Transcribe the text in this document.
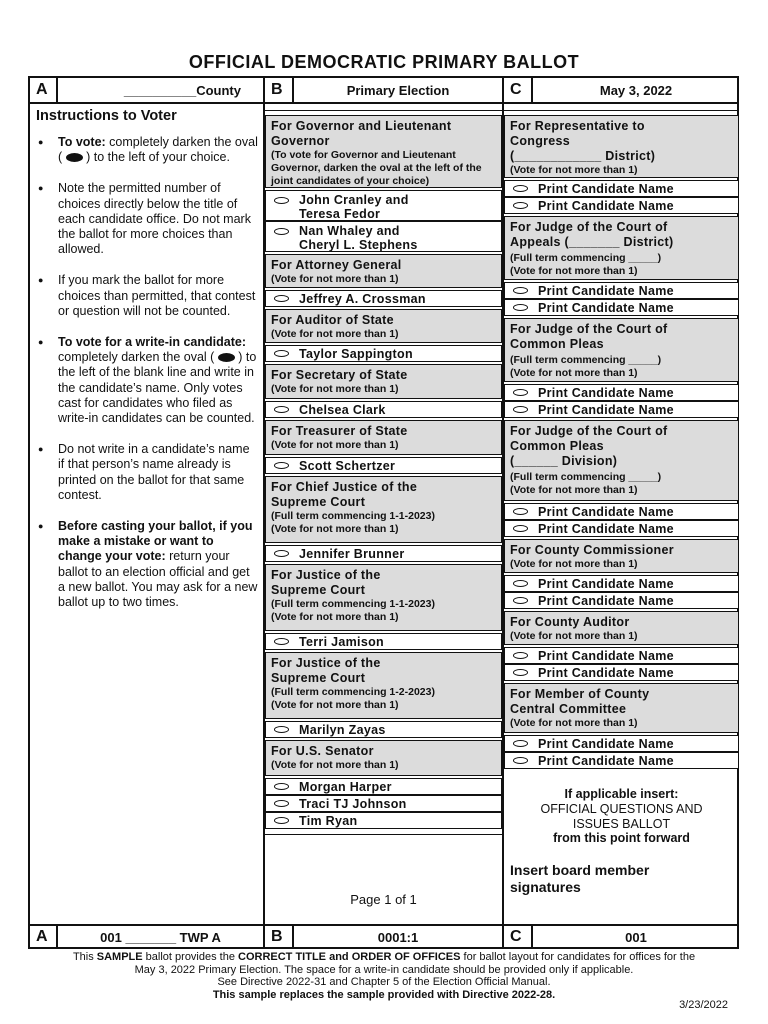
OFFICIAL DEMOCRATIC PRIMARY BALLOT
A	__________County	B	Primary Election	C	May 3, 2022
A	001 _______ TWP A	B	0001:1	C	001
Instructions to Voter
● To vote: completely darken the oval (  ) to the left of your choice.
● Note the permitted number of choices directly below the title of each candidate office. Do not mark the ballot for more choices than allowed.
● If you mark the ballot for more choices than permitted, that contest or question will not be counted.
● To vote for a write-in candidate: completely darken the oval (  ) to the left of the blank line and write in the candidate’s name. Only votes cast for candidates who filed as write-in candidates can be counted.
● Do not write in a candidate’s name if that person’s name already is printed on the ballot for that same contest.
● Before casting your ballot, if you make a mistake or want to change your vote: return your ballot to an election official and get a new ballot. You may ask for a new ballot up to two times.
For Governor and Lieutenant Governor
(To vote for Governor and Lieutenant Governor, darken the oval at the left of the joint candidates of your choice)
John Cranley and
Teresa Fedor
Nan Whaley and
Cheryl L. Stephens
For Attorney General
(Vote for not more than 1)
Jeffrey A. Crossman
For Auditor of State
(Vote for not more than 1)
Taylor Sappington
For Secretary of State
(Vote for not more than 1)
Chelsea Clark
For Treasurer of State
(Vote for not more than 1)
Scott Schertzer
For Chief Justice of the
Supreme Court
(Full term commencing 1-1-2023)
(Vote for not more than 1)
Jennifer Brunner
For Justice of the
Supreme Court
(Full term commencing 1-1-2023)
(Vote for not more than 1)
Terri Jamison
For Justice of the
Supreme Court
(Full term commencing 1-2-2023)
(Vote for not more than 1)
Marilyn Zayas
For U.S. Senator
(Vote for not more than 1)
Morgan Harper
Traci TJ Johnson
Tim Ryan
Page 1 of 1
For Representative to
Congress
(____________ District)
(Vote for not more than 1)
Print Candidate Name
Print Candidate Name
For Judge of the Court of
Appeals (_______ District)
(Full term commencing _____)
(Vote for not more than 1)
Print Candidate Name
Print Candidate Name
For Judge of the Court of
Common Pleas
(Full term commencing _____)
(Vote for not more than 1)
Print Candidate Name
Print Candidate Name
For Judge of the Court of
Common Pleas
(______ Division)
(Full term commencing _____)
(Vote for not more than 1)
Print Candidate Name
Print Candidate Name
For County Commissioner
(Vote for not more than 1)
Print Candidate Name
Print Candidate Name
For County Auditor
(Vote for not more than 1)
Print Candidate Name
Print Candidate Name
For Member of County
Central Committee
(Vote for not more than 1)
Print Candidate Name
Print Candidate Name
If applicable insert:
OFFICIAL QUESTIONS AND
ISSUES BALLOT
from this point forward
Insert board member signatures
This SAMPLE ballot provides the CORRECT TITLE and ORDER OF OFFICES for ballot layout for candidates for offices for the
May 3, 2022 Primary Election. The space for a write-in candidate should be provided only if applicable.
See Directive 2022-31 and Chapter 5 of the Election Official Manual.
This sample replaces the sample provided with Directive 2022-28.
3/23/2022
